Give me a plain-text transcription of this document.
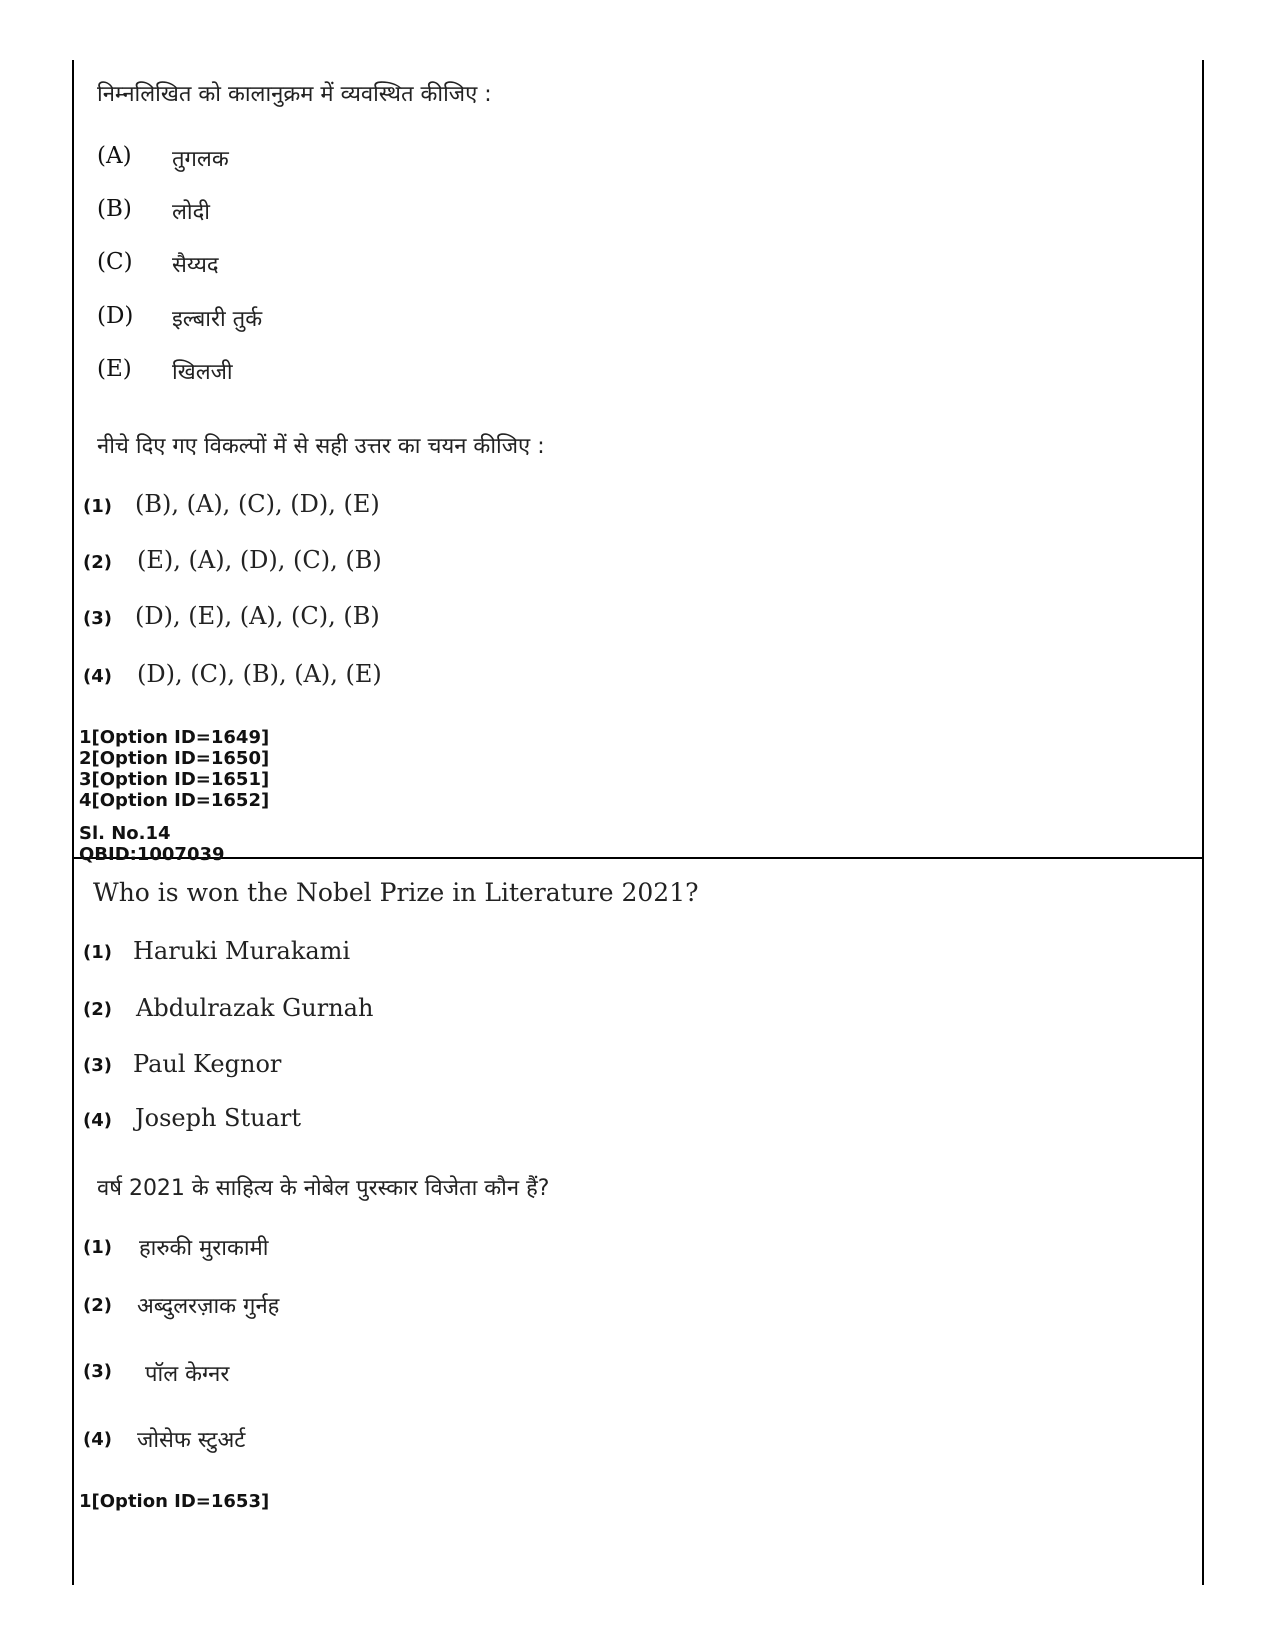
निम्नलिखित को कालानुक्रम में व्यवस्थित कीजिए :
(A) तुगलक
(B) लोदी
(C) सैय्यद
(D) इल्बारी तुर्क
(E) खिलजी
नीचे दिए गए विकल्पों में से सही उत्तर का चयन कीजिए :
(1) (B), (A), (C), (D), (E)
(2) (E), (A), (D), (C), (B)
(3) (D), (E), (A), (C), (B)
(4) (D), (C), (B), (A), (E)
1[Option ID=1649]
2[Option ID=1650]
3[Option ID=1651]
4[Option ID=1652]
Sl. No.14
QBID:1007039
Who is won the Nobel Prize in Literature 2021?
(1) Haruki Murakami
(2) Abdulrazak Gurnah
(3) Paul Kegnor
(4) Joseph Stuart
वर्ष 2021 के साहित्य के नोबेल पुरस्कार विजेता कौन हैं?
(1) हारुकी मुराकामी
(2) अब्दुलरज़ाक गुर्नह
(3) पॉल केग्नर
(4) जोसेफ स्टुअर्ट
1[Option ID=1653]
